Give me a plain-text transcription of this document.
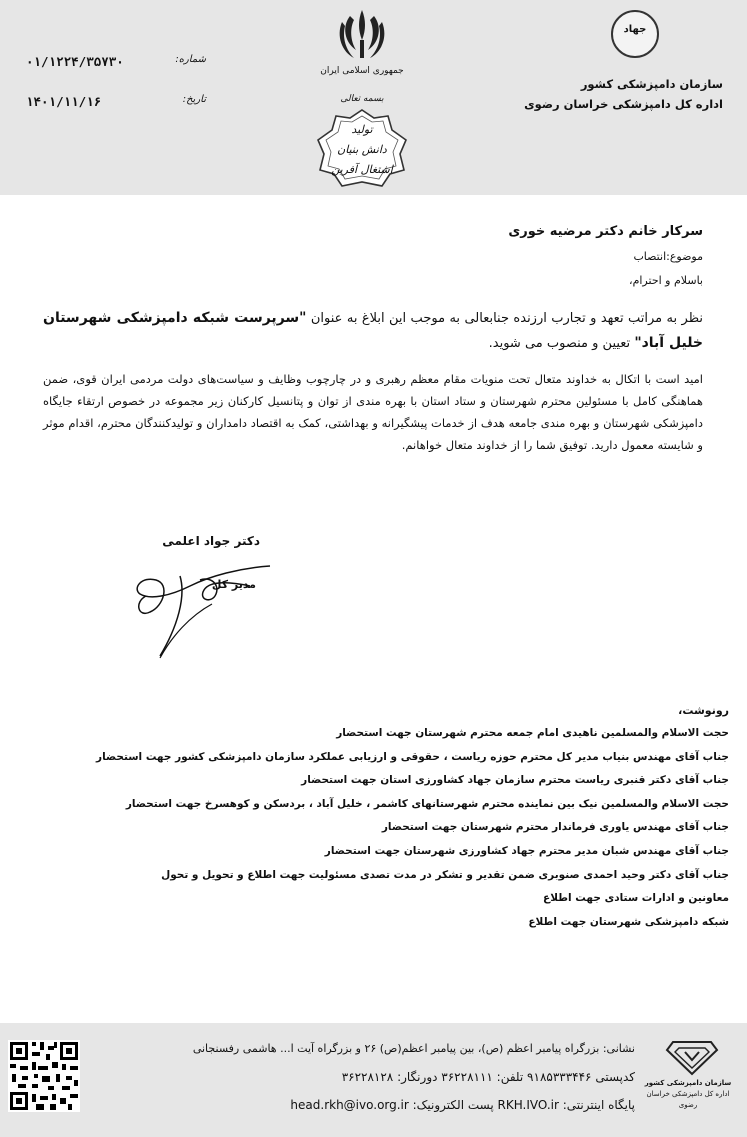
جهاد
سازمان دامپزشکی کشور
اداره کل دامپزشکی خراسان رضوی
جمهوری اسلامی ایران
بسمه تعالی
تولید
دانش بنیان
اشتغال آفرین
شماره:
۰۱/۱۲۲۴/۳۵۷۳۰
تاریخ:
۱۴۰۱/۱۱/۱۶
سرکار خانم دکتر مرضیه خوری
موضوع:انتصاب
باسلام و احترام،
نظر به مراتب تعهد و تجارب ارزنده جنابعالی به موجب این ابلاغ به عنوان "سرپرست شبکه دامپزشکی شهرستان خلیل آباد" تعیین و منصوب می شوید.
امید است با اتکال به خداوند متعال تحت منویات مقام معظم رهبری و در چارچوب وظایف و سیاست‌های دولت مردمی ایران قوی، ضمن هماهنگی کامل با مسئولین محترم شهرستان و ستاد استان با بهره مندی از توان و پتانسیل کارکنان زیر مجموعه در خصوص ارتقاء جایگاه دامپزشکی شهرستان و بهره مندی جامعه هدف از خدمات پیشگیرانه و بهداشتی، کمک به اقتصاد دامداران و تولیدکنندگان محترم، اقدام موثر و شایسته معمول دارید. توفیق شما را از خداوند متعال خواهانم.
دکتر جواد اعلمی
مدیر کل
رونوشت،
حجت الاسلام والمسلمین ناهیدی امام جمعه محترم شهرستان جهت استحضار
جناب آقای مهندس بنیاب مدیر کل محترم حوزه ریاست ، حقوقی و ارزیابی عملکرد سازمان دامپزشکی کشور جهت استحضار
جناب آقای دکتر قنبری ریاست محترم سازمان جهاد کشاورزی استان جهت استحضار
حجت الاسلام والمسلمین نیک بین نماینده محترم شهرستانهای کاشمر ، خلیل آباد ، بردسکن و کوهسرخ جهت استحضار
جناب آقای مهندس یاوری فرماندار محترم شهرستان جهت استحضار
جناب آقای مهندس شبان مدیر محترم جهاد کشاورزی شهرستان جهت استحضار
جناب آقای دکتر وحید احمدی صنوبری ضمن تقدیر و تشکر در مدت تصدی مسئولیت جهت اطلاع و تحویل و تحول
معاونین و ادارات ستادی جهت اطلاع
شبکه دامپزشکی شهرستان جهت اطلاع
سازمان دامپزشکی کشور
اداره کل دامپزشکی خراسان رضوی
نشانی: بزرگراه پیامبر اعظم (ص)، بین پیامبر اعظم(ص) ۲۶ و بزرگراه آیت ا... هاشمی رفسنجانی
کدپستی ۹۱۸۵۳۳۳۴۴۶ تلفن: ۳۶۲۲۸۱۱۱ دورنگار: ۳۶۲۲۸۱۲۸
پایگاه اینترنتی: RKH.IVO.ir پست الکترونیک: head.rkh@ivo.org.ir
